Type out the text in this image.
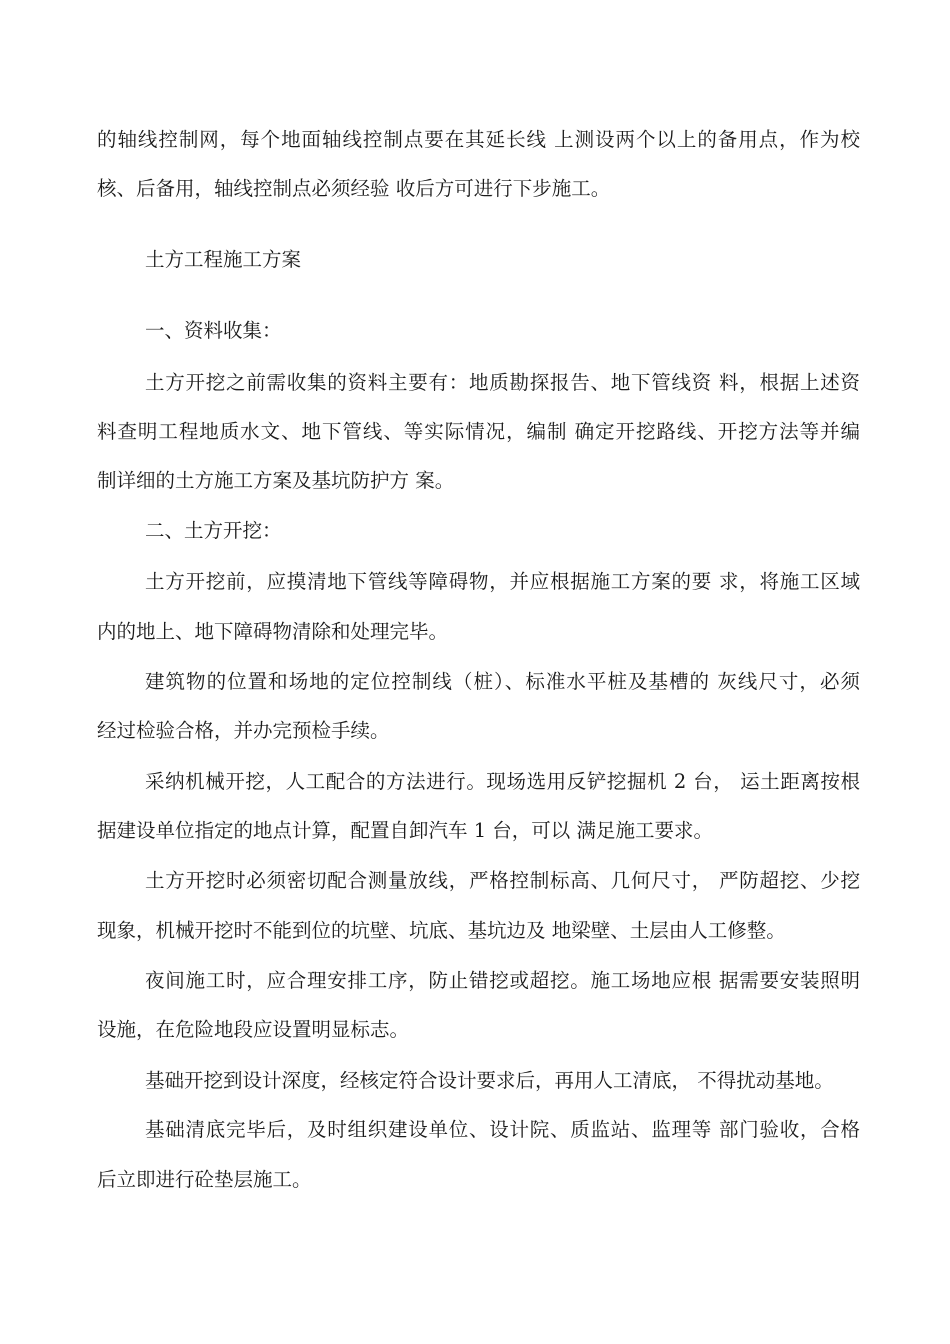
的轴线控制网，每个地面轴线控制点要在其延长线 上测设两个以上的备用点，作为校

核、后备用，轴线控制点必须经验 收后方可进行下步施工。

土方工程施工方案

一、资料收集：

土方开挖之前需收集的资料主要有：地质勘探报告、地下管线资 料，根据上述资

料查明工程地质水文、地下管线、等实际情况，编制 确定开挖路线、开挖方法等并编

制详细的土方施工方案及基坑防护方 案。

二、土方开挖：

土方开挖前，应摸清地下管线等障碍物，并应根据施工方案的要 求，将施工区域

内的地上、地下障碍物清除和处理完毕。

建筑物的位置和场地的定位控制线（桩）、标准水平桩及基槽的 灰线尺寸，必须

经过检验合格，并办完预检手续。

采纳机械开挖，人工配合的方法进行。现场选用反铲挖掘机 2 台， 运土距离按根

据建设单位指定的地点计算，配置自卸汽车 1 台，可以 满足施工要求。

土方开挖时必须密切配合测量放线，严格控制标高、几何尺寸， 严防超挖、少挖

现象，机械开挖时不能到位的坑壁、坑底、基坑边及 地梁壁、土层由人工修整。

夜间施工时，应合理安排工序，防止错挖或超挖。施工场地应根 据需要安装照明

设施，在危险地段应设置明显标志。

基础开挖到设计深度，经核定符合设计要求后，再用人工清底， 不得扰动基地。

基础清底完毕后，及时组织建设单位、设计院、质监站、监理等 部门验收，合格

后立即进行砼垫层施工。
